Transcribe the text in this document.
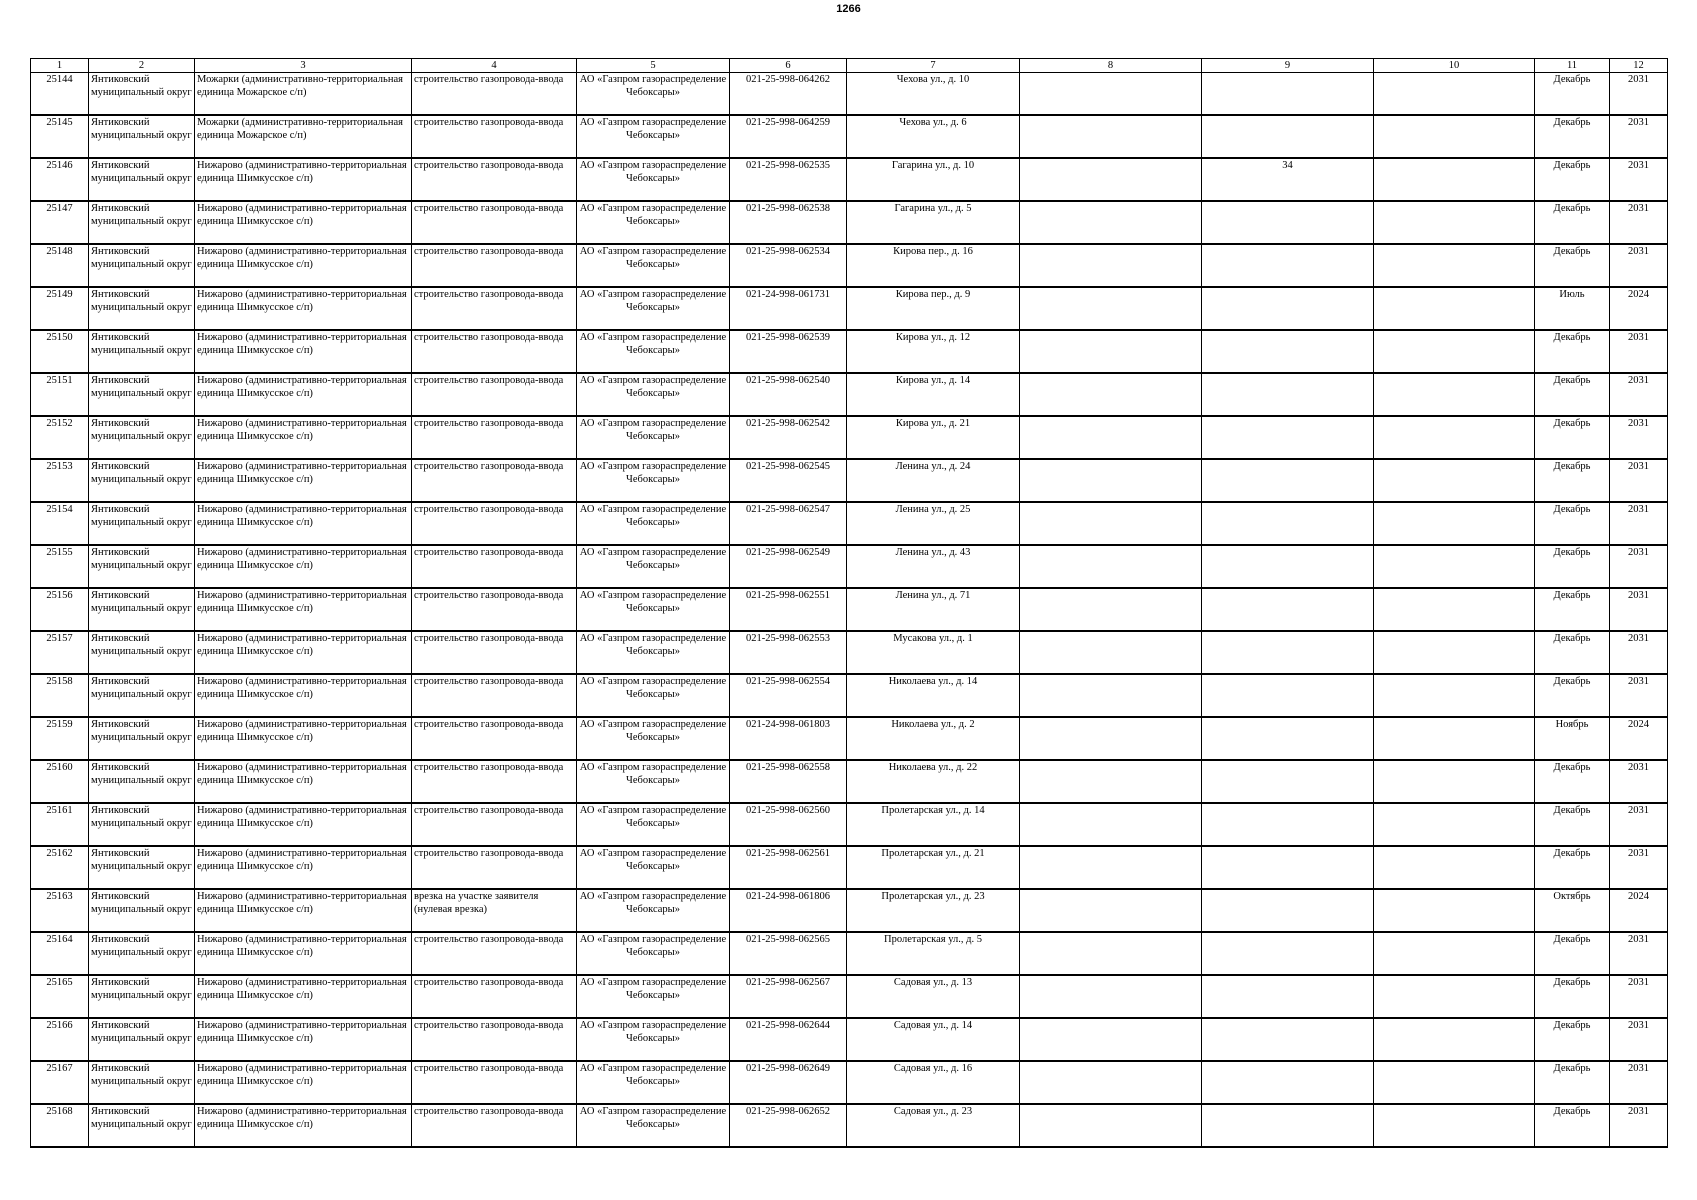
1266
1	2	3	4	5	6	7	8	9	10	11	12

25144	Янтиковский муниципальный округ	Можарки (административно-территориальная единица Можарское с/п)	строительство газопровода-ввода	АО «Газпром газораспределение Чебоксары»	021-25-998-064262	Чехова ул., д. 10				Декабрь	2031

25145	Янтиковский муниципальный округ	Можарки (административно-территориальная единица Можарское с/п)	строительство газопровода-ввода	АО «Газпром газораспределение Чебоксары»	021-25-998-064259	Чехова ул., д. 6				Декабрь	2031

25146	Янтиковский муниципальный округ	Нижарово (административно-территориальная единица Шимкусское с/п)	строительство газопровода-ввода	АО «Газпром газораспределение Чебоксары»	021-25-998-062535	Гагарина ул., д. 10		34		Декабрь	2031

25147	Янтиковский муниципальный округ	Нижарово (административно-территориальная единица Шимкусское с/п)	строительство газопровода-ввода	АО «Газпром газораспределение Чебоксары»	021-25-998-062538	Гагарина ул., д. 5				Декабрь	2031

25148	Янтиковский муниципальный округ	Нижарово (административно-территориальная единица Шимкусское с/п)	строительство газопровода-ввода	АО «Газпром газораспределение Чебоксары»	021-25-998-062534	Кирова пер., д. 16				Декабрь	2031

25149	Янтиковский муниципальный округ	Нижарово (административно-территориальная единица Шимкусское с/п)	строительство газопровода-ввода	АО «Газпром газораспределение Чебоксары»	021-24-998-061731	Кирова пер., д. 9				Июль	2024

25150	Янтиковский муниципальный округ	Нижарово (административно-территориальная единица Шимкусское с/п)	строительство газопровода-ввода	АО «Газпром газораспределение Чебоксары»	021-25-998-062539	Кирова ул., д. 12				Декабрь	2031

25151	Янтиковский муниципальный округ	Нижарово (административно-территориальная единица Шимкусское с/п)	строительство газопровода-ввода	АО «Газпром газораспределение Чебоксары»	021-25-998-062540	Кирова ул., д. 14				Декабрь	2031

25152	Янтиковский муниципальный округ	Нижарово (административно-территориальная единица Шимкусское с/п)	строительство газопровода-ввода	АО «Газпром газораспределение Чебоксары»	021-25-998-062542	Кирова ул., д. 21				Декабрь	2031

25153	Янтиковский муниципальный округ	Нижарово (административно-территориальная единица Шимкусское с/п)	строительство газопровода-ввода	АО «Газпром газораспределение Чебоксары»	021-25-998-062545	Ленина ул., д. 24				Декабрь	2031

25154	Янтиковский муниципальный округ	Нижарово (административно-территориальная единица Шимкусское с/п)	строительство газопровода-ввода	АО «Газпром газораспределение Чебоксары»	021-25-998-062547	Ленина ул., д. 25				Декабрь	2031

25155	Янтиковский муниципальный округ	Нижарово (административно-территориальная единица Шимкусское с/п)	строительство газопровода-ввода	АО «Газпром газораспределение Чебоксары»	021-25-998-062549	Ленина ул., д. 43				Декабрь	2031

25156	Янтиковский муниципальный округ	Нижарово (административно-территориальная единица Шимкусское с/п)	строительство газопровода-ввода	АО «Газпром газораспределение Чебоксары»	021-25-998-062551	Ленина ул., д. 71				Декабрь	2031

25157	Янтиковский муниципальный округ	Нижарово (административно-территориальная единица Шимкусское с/п)	строительство газопровода-ввода	АО «Газпром газораспределение Чебоксары»	021-25-998-062553	Мусакова ул., д. 1				Декабрь	2031

25158	Янтиковский муниципальный округ	Нижарово (административно-территориальная единица Шимкусское с/п)	строительство газопровода-ввода	АО «Газпром газораспределение Чебоксары»	021-25-998-062554	Николаева ул., д. 14				Декабрь	2031

25159	Янтиковский муниципальный округ	Нижарово (административно-территориальная единица Шимкусское с/п)	строительство газопровода-ввода	АО «Газпром газораспределение Чебоксары»	021-24-998-061803	Николаева ул., д. 2				Ноябрь	2024

25160	Янтиковский муниципальный округ	Нижарово (административно-территориальная единица Шимкусское с/п)	строительство газопровода-ввода	АО «Газпром газораспределение Чебоксары»	021-25-998-062558	Николаева ул., д. 22				Декабрь	2031

25161	Янтиковский муниципальный округ	Нижарово (административно-территориальная единица Шимкусское с/п)	строительство газопровода-ввода	АО «Газпром газораспределение Чебоксары»	021-25-998-062560	Пролетарская ул., д. 14				Декабрь	2031

25162	Янтиковский муниципальный округ	Нижарово (административно-территориальная единица Шимкусское с/п)	строительство газопровода-ввода	АО «Газпром газораспределение Чебоксары»	021-25-998-062561	Пролетарская ул., д. 21				Декабрь	2031

25163	Янтиковский муниципальный округ	Нижарово (административно-территориальная единица Шимкусское с/п)	врезка на участке заявителя (нулевая врезка)	АО «Газпром газораспределение Чебоксары»	021-24-998-061806	Пролетарская ул., д. 23				Октябрь	2024

25164	Янтиковский муниципальный округ	Нижарово (административно-территориальная единица Шимкусское с/п)	строительство газопровода-ввода	АО «Газпром газораспределение Чебоксары»	021-25-998-062565	Пролетарская ул., д. 5				Декабрь	2031

25165	Янтиковский муниципальный округ	Нижарово (административно-территориальная единица Шимкусское с/п)	строительство газопровода-ввода	АО «Газпром газораспределение Чебоксары»	021-25-998-062567	Садовая ул., д. 13				Декабрь	2031

25166	Янтиковский муниципальный округ	Нижарово (административно-территориальная единица Шимкусское с/п)	строительство газопровода-ввода	АО «Газпром газораспределение Чебоксары»	021-25-998-062644	Садовая ул., д. 14				Декабрь	2031

25167	Янтиковский муниципальный округ	Нижарово (административно-территориальная единица Шимкусское с/п)	строительство газопровода-ввода	АО «Газпром газораспределение Чебоксары»	021-25-998-062649	Садовая ул., д. 16				Декабрь	2031

25168	Янтиковский муниципальный округ	Нижарово (административно-территориальная единица Шимкусское с/п)	строительство газопровода-ввода	АО «Газпром газораспределение Чебоксары»	021-25-998-062652	Садовая ул., д. 23				Декабрь	2031
